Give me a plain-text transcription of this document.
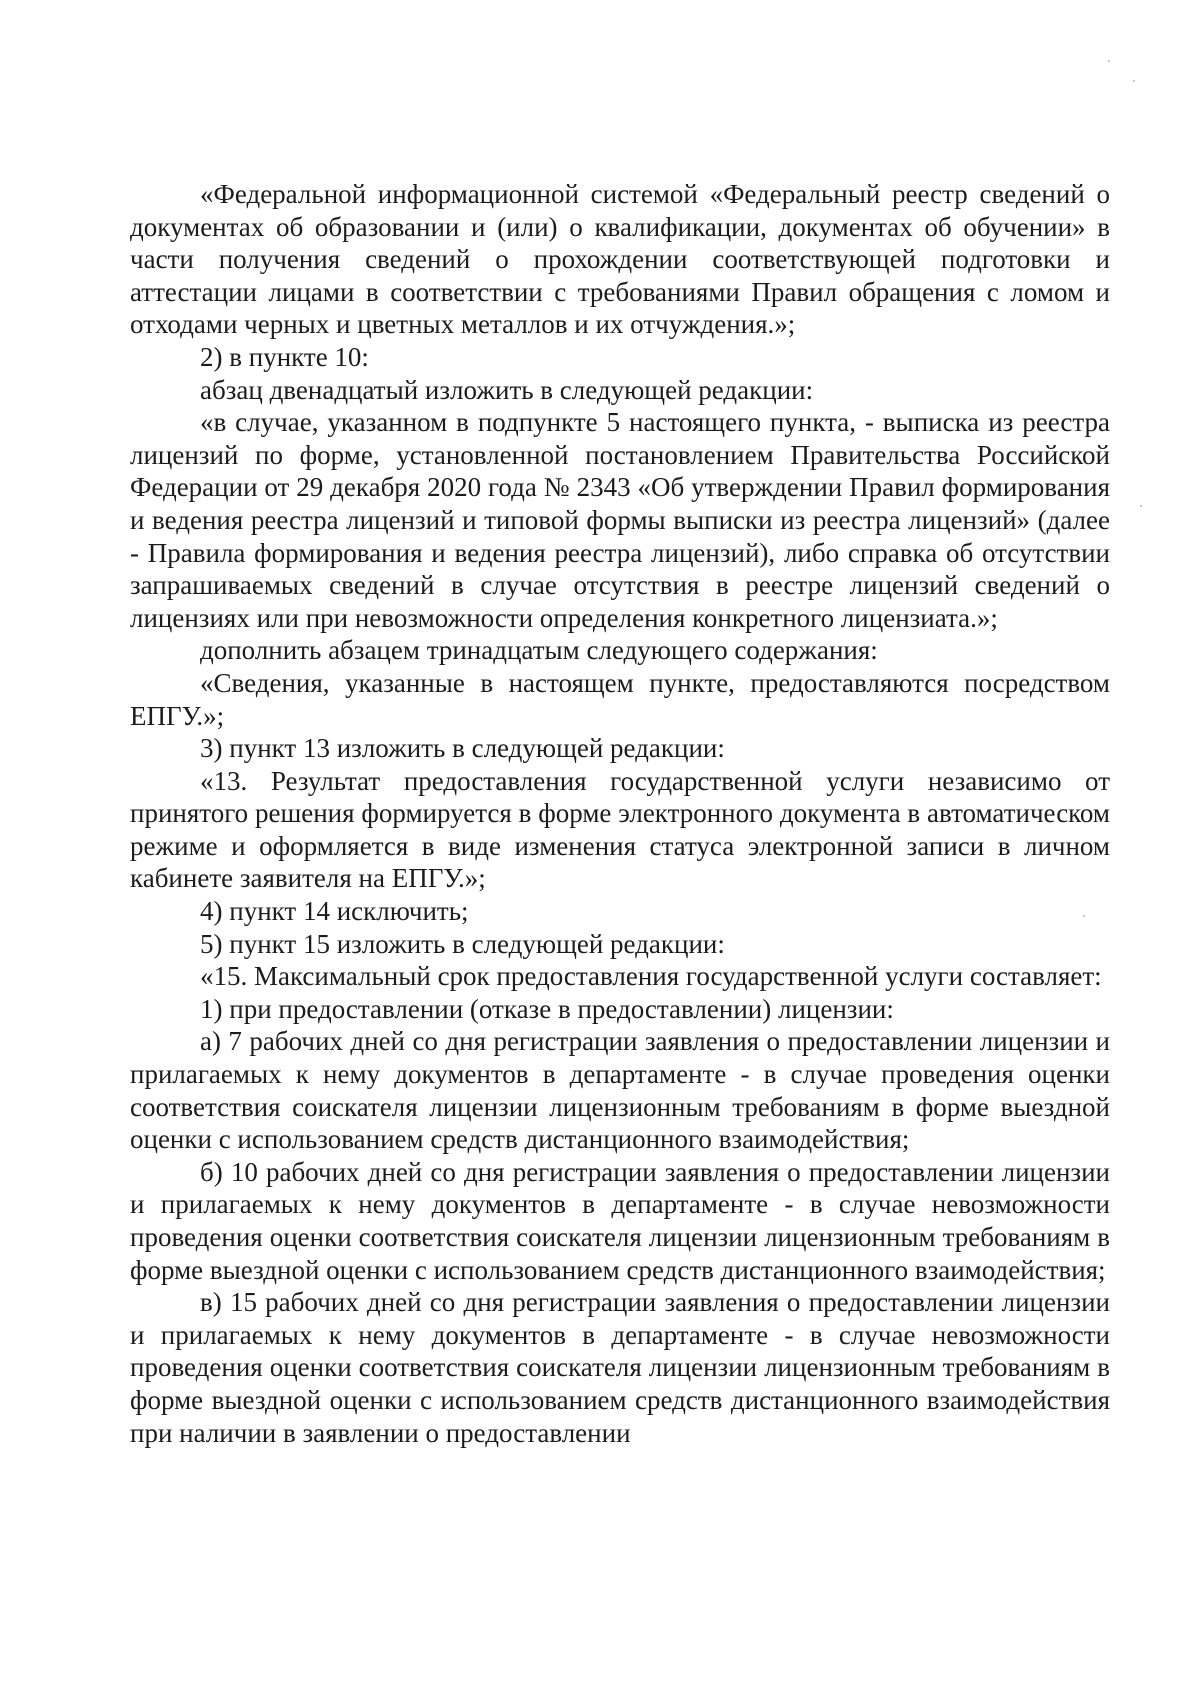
«Федеральной информационной системой «Федеральный реестр сведений о документах об образовании и (или) о квалификации, документах об обучении» в части получения сведений о прохождении соответствующей подготовки и аттестации лицами в соответствии с требованиями Правил обращения с ломом и отходами черных и цветных металлов и их отчуждения.»;

2) в пункте 10:

абзац двенадцатый изложить в следующей редакции:

«в случае, указанном в подпункте 5 настоящего пункта, - выписка из реестра лицензий по форме, установленной постановлением Правительства Российской Федерации от 29 декабря 2020 года № 2343 «Об утверждении Правил формирования и ведения реестра лицензий и типовой формы выписки из реестра лицензий» (далее - Правила формирования и ведения реестра лицензий), либо справка об отсутствии запрашиваемых сведений в случае отсутствия в реестре лицензий сведений о лицензиях или при невозможности определения конкретного лицензиата.»;

дополнить абзацем тринадцатым следующего содержания:

«Сведения, указанные в настоящем пункте, предоставляются посредством ЕПГУ.»;

3) пункт 13 изложить в следующей редакции:

«13. Результат предоставления государственной услуги независимо от принятого решения формируется в форме электронного документа в автоматическом режиме и оформляется в виде изменения статуса электронной записи в личном кабинете заявителя на ЕПГУ.»;

4) пункт 14 исключить;

5) пункт 15 изложить в следующей редакции:

«15. Максимальный срок предоставления государственной услуги составляет:

1) при предоставлении (отказе в предоставлении) лицензии:

а) 7 рабочих дней со дня регистрации заявления о предоставлении лицензии и прилагаемых к нему документов в департаменте - в случае проведения оценки соответствия соискателя лицензии лицензионным требованиям в форме выездной оценки с использованием средств дистанционного взаимодействия;

б) 10 рабочих дней со дня регистрации заявления о предоставлении лицензии и прилагаемых к нему документов в департаменте - в случае невозможности проведения оценки соответствия соискателя лицензии лицензионным требованиям в форме выездной оценки с использованием средств дистанционного взаимодействия;

в) 15 рабочих дней со дня регистрации заявления о предоставлении лицензии и прилагаемых к нему документов в департаменте - в случае невозможности проведения оценки соответствия соискателя лицензии лицензионным требованиям в форме выездной оценки с использованием средств дистанционного взаимодействия при наличии в заявлении о предоставлении
